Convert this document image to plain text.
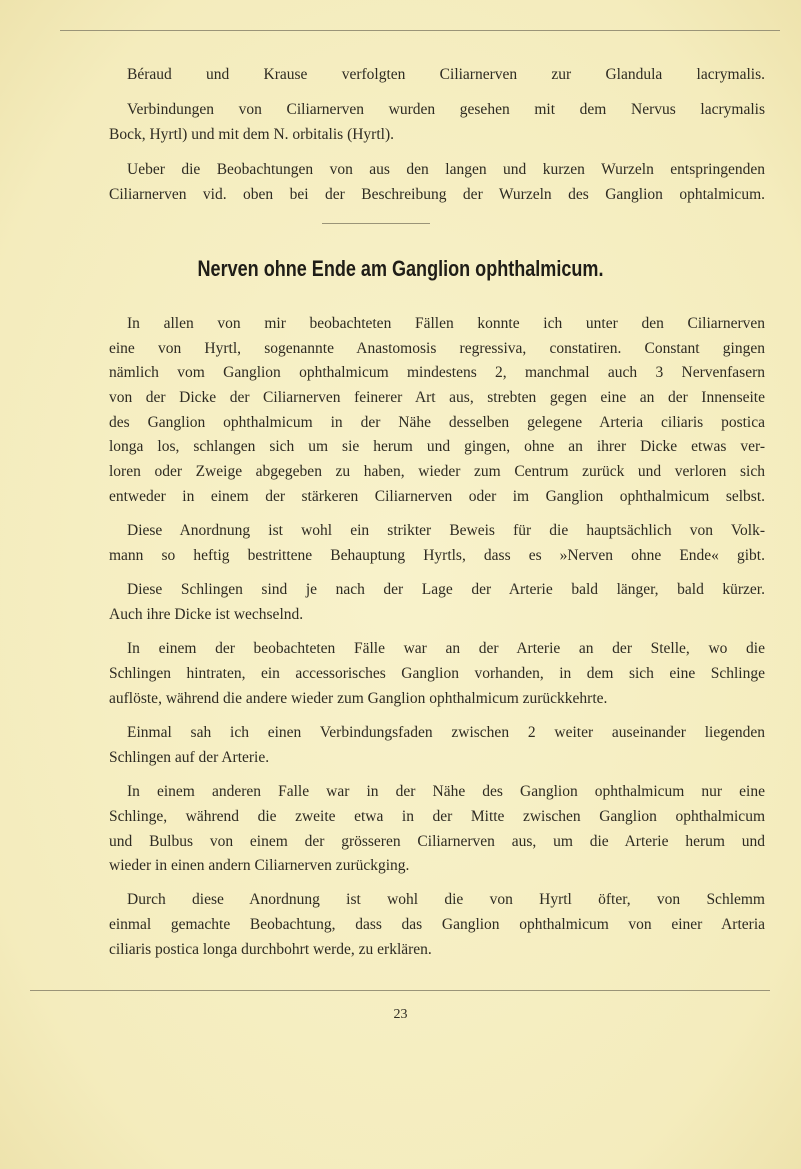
Béraud und Krause verfolgten Ciliarnerven zur Glandula lacrymalis.
Verbindungen von Ciliarnerven wurden gesehen mit dem Nervus lacrymalis
Bock, Hyrtl) und mit dem N. orbitalis (Hyrtl).
Ueber die Beobachtungen von aus den langen und kurzen Wurzeln entspringenden
Ciliarnerven vid. oben bei der Beschreibung der Wurzeln des Ganglion ophtalmicum.
Nerven ohne Ende am Ganglion ophthalmicum.
In allen von mir beobachteten Fällen konnte ich unter den Ciliarnerven
eine von Hyrtl, sogenannte Anastomosis regressiva, constatiren. Constant gingen
nämlich vom Ganglion ophthalmicum mindestens 2, manchmal auch 3 Nervenfasern
von der Dicke der Ciliarnerven feinerer Art aus, strebten gegen eine an der Innenseite
des Ganglion ophthalmicum in der Nähe desselben gelegene Arteria ciliaris postica
longa los, schlangen sich um sie herum und gingen, ohne an ihrer Dicke etwas ver-
loren oder Zweige abgegeben zu haben, wieder zum Centrum zurück und verloren sich
entweder in einem der stärkeren Ciliarnerven oder im Ganglion ophthalmicum selbst.
Diese Anordnung ist wohl ein strikter Beweis für die hauptsächlich von Volk-
mann so heftig bestrittene Behauptung Hyrtls, dass es »Nerven ohne Ende« gibt.
Diese Schlingen sind je nach der Lage der Arterie bald länger, bald kürzer.
Auch ihre Dicke ist wechselnd.
In einem der beobachteten Fälle war an der Arterie an der Stelle, wo die
Schlingen hintraten, ein accessorisches Ganglion vorhanden, in dem sich eine Schlinge
auflöste, während die andere wieder zum Ganglion ophthalmicum zurückkehrte.
Einmal sah ich einen Verbindungsfaden zwischen 2 weiter auseinander liegenden
Schlingen auf der Arterie.
In einem anderen Falle war in der Nähe des Ganglion ophthalmicum nur eine
Schlinge, während die zweite etwa in der Mitte zwischen Ganglion ophthalmicum
und Bulbus von einem der grösseren Ciliarnerven aus, um die Arterie herum und
wieder in einen andern Ciliarnerven zurückging.
Durch diese Anordnung ist wohl die von Hyrtl öfter, von Schlemm
einmal gemachte Beobachtung, dass das Ganglion ophthalmicum von einer Arteria
ciliaris postica longa durchbohrt werde, zu erklären.
23
